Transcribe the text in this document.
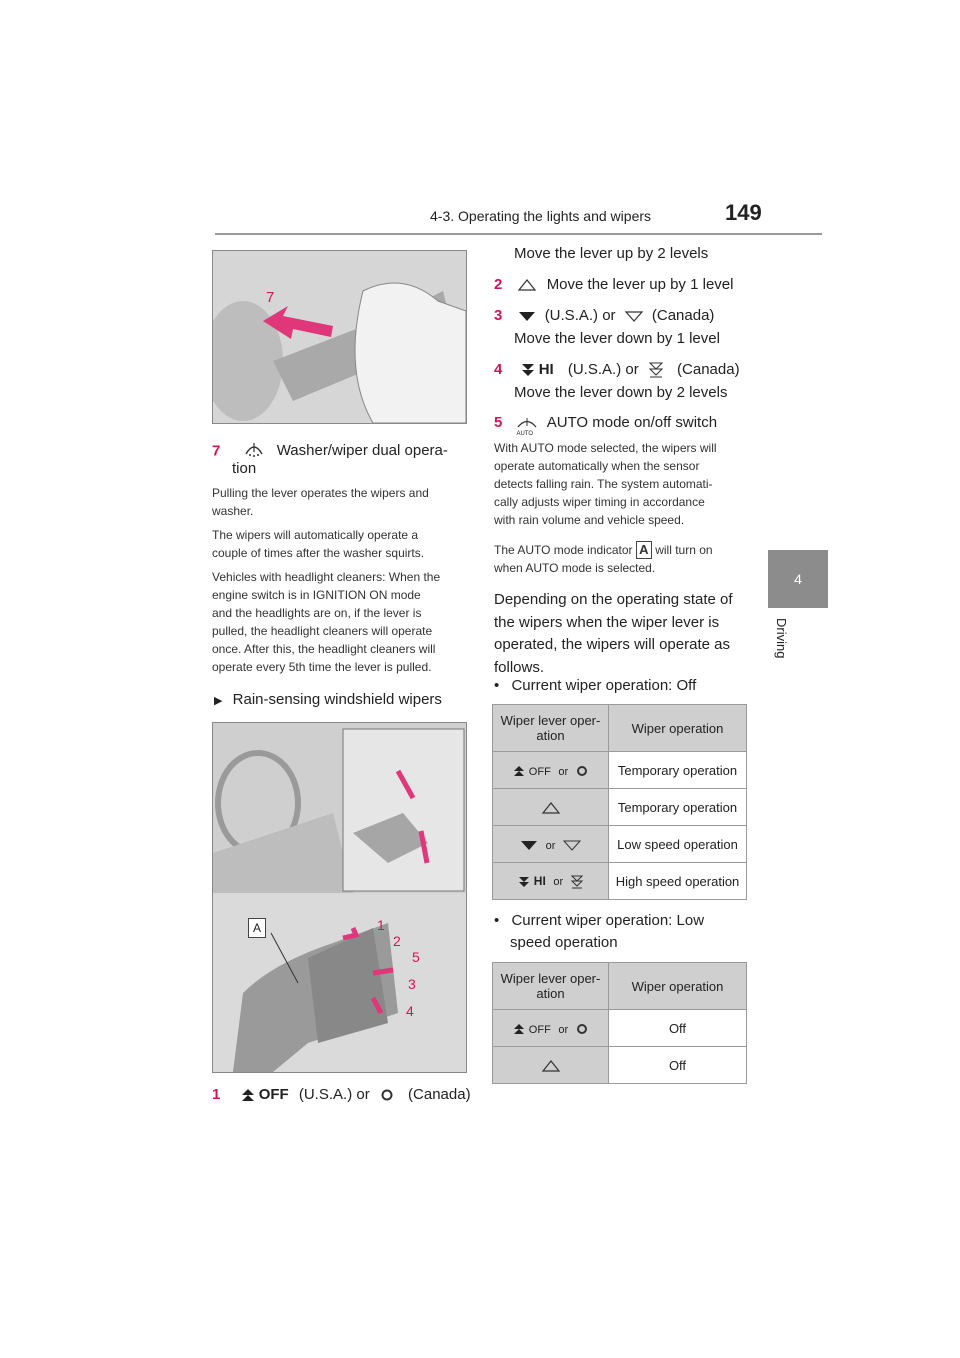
4-3. Operating the lights and wipers	149
4
Driving
7
7	Washer/wiper dual opera-
tion
Pulling the lever operates the wipers and
washer.
The wipers will automatically operate a
couple of times after the washer squirts.
Vehicles with headlight cleaners: When the
engine switch is in IGNITION ON mode
and the headlights are on, if the lever is
pulled, the headlight cleaners will operate
once. After this, the headlight cleaners will
operate every 5th time the lever is pulled.
▶ Rain-sensing windshield wipers
A	1
2
5
3
4
1	OFF (U.S.A.) or	(Canada)
Move the lever up by 2 levels
2	Move the lever up by 1 level
3	(U.S.A.) or (Canada)
Move the lever down by 1 level
4 HI (U.S.A.) or	(Canada)
Move the lever down by 2 levels
5
AUTO
AUTO mode on/off switch
With AUTO mode selected, the wipers will
operate automatically when the sensor
detects falling rain. The system automati-
cally adjusts wiper timing in accordance
with rain volume and vehicle speed.
The AUTO mode indicator A will turn on
when AUTO mode is selected.
Depending on the operating state of
the wipers when the wiper lever is
operated, the wipers will operate as
follows.
• Current wiper operation: Off
Wiper lever oper-
ation	Wiper operation
OFF or	Temporary operation
	Temporary operation
or	Low speed operation
HI or	High speed operation
• Current wiper operation: Low
speed operation
Wiper lever oper-
ation	Wiper operation
OFF or	Off
	Off
